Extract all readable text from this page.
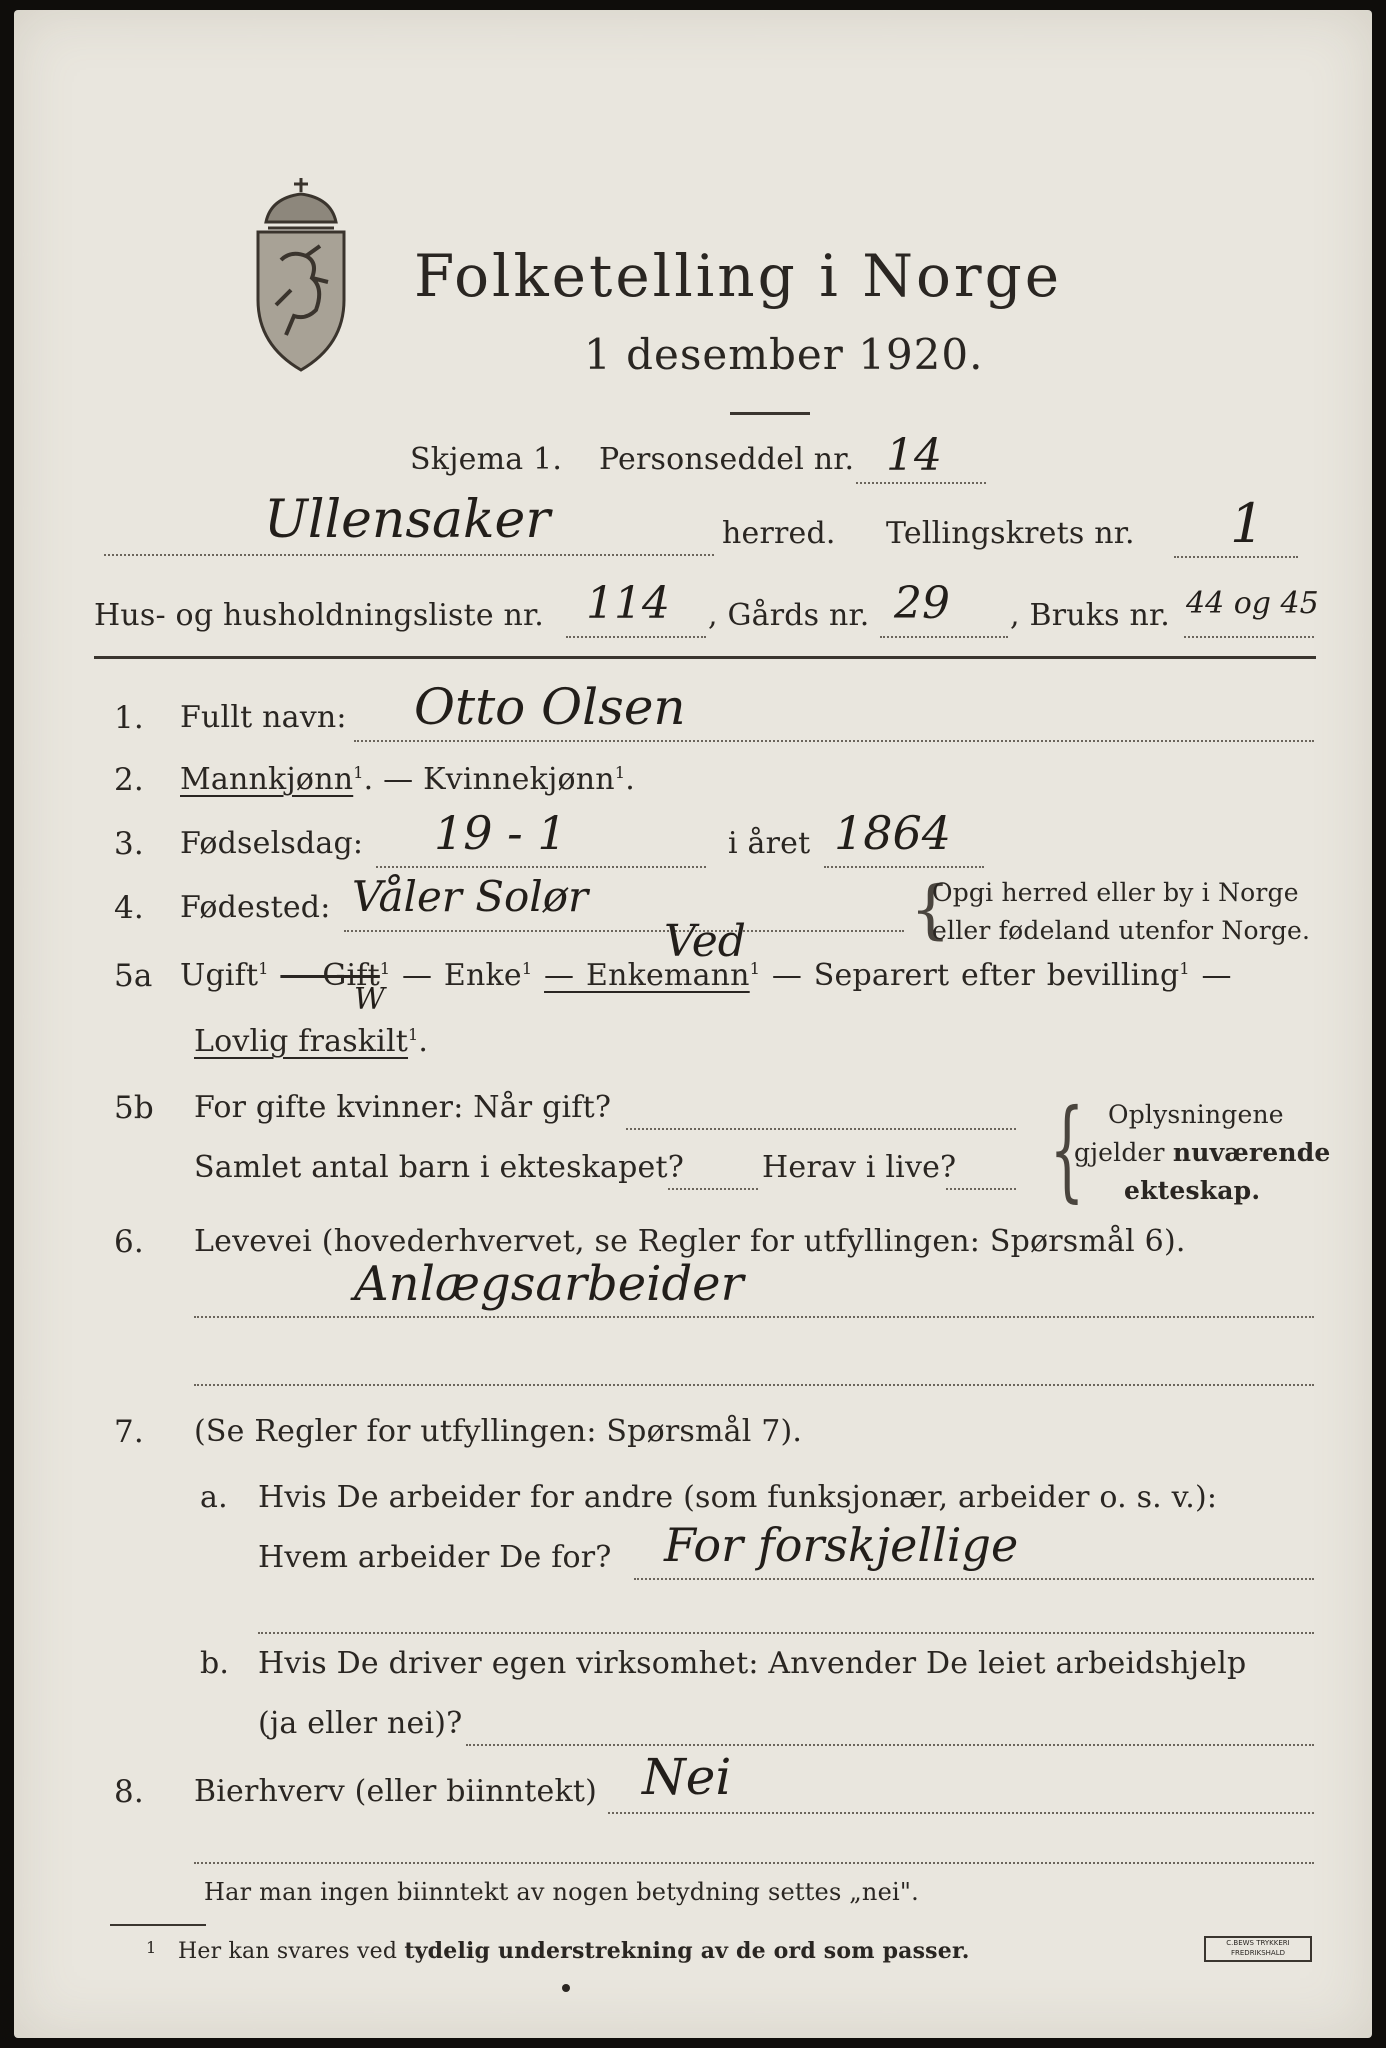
Folketelling i Norge
1 desember 1920.
Skjema 1. Personseddel nr. 14
Ullensaker	herred. Tellingskrets nr. 1
Hus- og husholdningsliste nr. 114 , Gårds nr. 29 , Bruks nr. 44 og 45
1. Fullt navn: Otto Olsen
2. Mannkjønn$^1$. — Kvinnekjønn$^1$.
3. Fødselsdag: 19 - 1	i året 1864
4. Fødested: Våler Solør	{
Opgi herred eller by i Norge
eller fødeland utenfor Norge.
Ved
5a Ugift$^1$ — Gift$^1$ — Enke$^1$ — Enkemann$^1$ — Separert efter bevilling$^1$ —
W
Lovlig fraskilt$^1$.
5b For gifte kvinner: Når gift?
Samlet antal barn i ekteskapet?	Herav i live? { Oplysningene
gjelder nuværende
ekteskap.
6. Levevei (hovederhvervet, se Regler for utfyllingen: Spørsmål 6).
Anlægsarbeider
7. (Se Regler for utfyllingen: Spørsmål 7).
a. Hvis De arbeider for andre (som funksjonær, arbeider o. s. v.):
Hvem arbeider De for? For forskjellige
b. Hvis De driver egen virksomhet: Anvender De leiet arbeidshjelp
(ja eller nei)?
8. Bierhverv (eller biinntekt) Nei
Har man ingen biinntekt av nogen betydning settes „nei".
1 Her kan svares ved tydelig understrekning av de ord som passer.	C.BEWS TRYKKERI FREDRIKSHALD
